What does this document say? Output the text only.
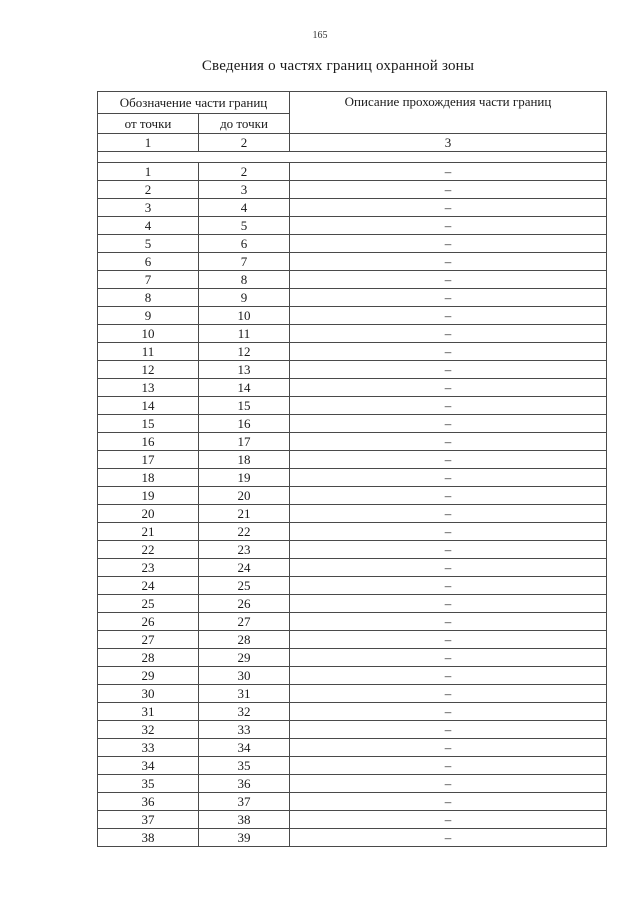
165
Сведения о частях границ охранной зоны
Обозначение части границ		Описание прохождения части границ
от точки	до точки	
1	2	3

1	2	–
2	3	–
3	4	–
4	5	–
5	6	–
6	7	–
7	8	–
8	9	–
9	10	–
10	11	–
11	12	–
12	13	–
13	14	–
14	15	–
15	16	–
16	17	–
17	18	–
18	19	–
19	20	–
20	21	–
21	22	–
22	23	–
23	24	–
24	25	–
25	26	–
26	27	–
27	28	–
28	29	–
29	30	–
30	31	–
31	32	–
32	33	–
33	34	–
34	35	–
35	36	–
36	37	–
37	38	–
38	39	–
